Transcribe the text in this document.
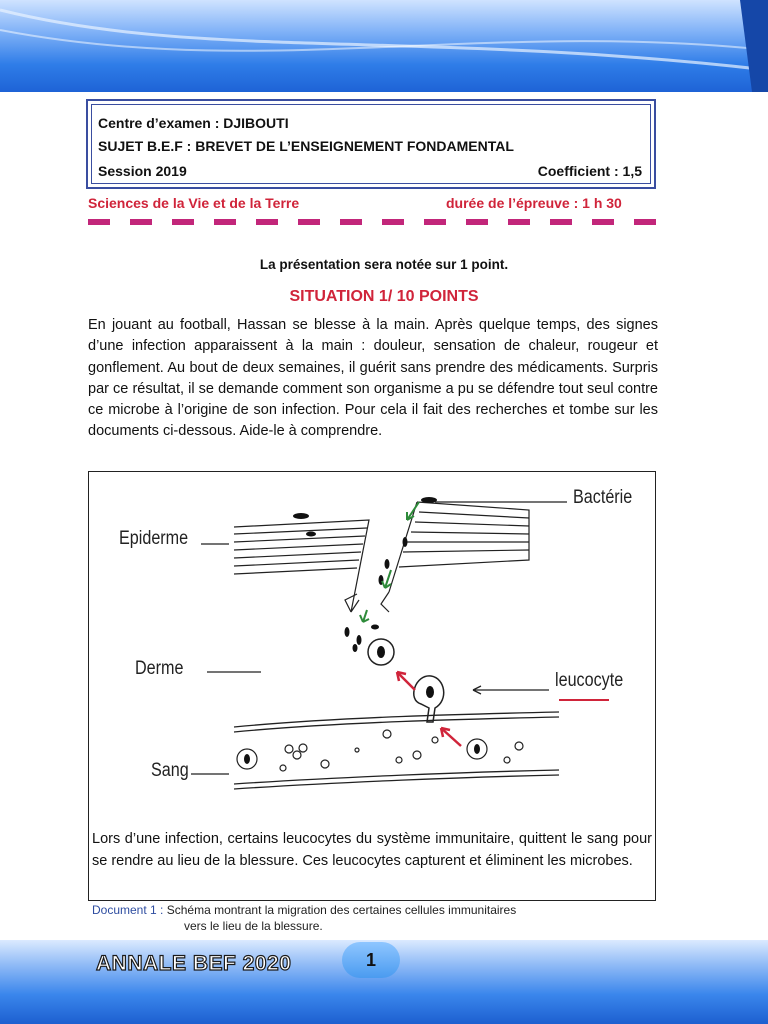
Centre d’examen : DJIBOUTI
SUJET B.E.F : BREVET DE L’ENSEIGNEMENT FONDAMENTAL
Session 2019	Coefficient : 1,5
Sciences de la Vie et de la Terre	durée de l’épreuve : 1 h 30
La présentation sera notée sur 1 point.
SITUATION 1/ 10 POINTS
En jouant au football, Hassan se blesse à la main. Après quelque temps, des signes d’une infection apparaissent à la main : douleur, sensation de chaleur, rougeur et gonflement. Au bout de deux semaines, il guérit sans prendre des médicaments. Surpris par ce résultat, il se demande comment son organisme a pu se défendre tout seul contre ce microbe à l’origine de son infection. Pour cela il fait des recherches et tombe sur les documents ci-dessous. Aide-le à comprendre.
Epiderme
Derme
Sang
Bactérie
leucocyte
Lors d’une infection, certains leucocytes du système immunitaire, quittent le sang pour se rendre au lieu de la blessure. Ces leucocytes capturent et éliminent les microbes.
Document 1 : Schéma montrant la migration des certaines cellules immunitaires
vers le lieu de la blessure.
ANNALE BEF 2020	1
